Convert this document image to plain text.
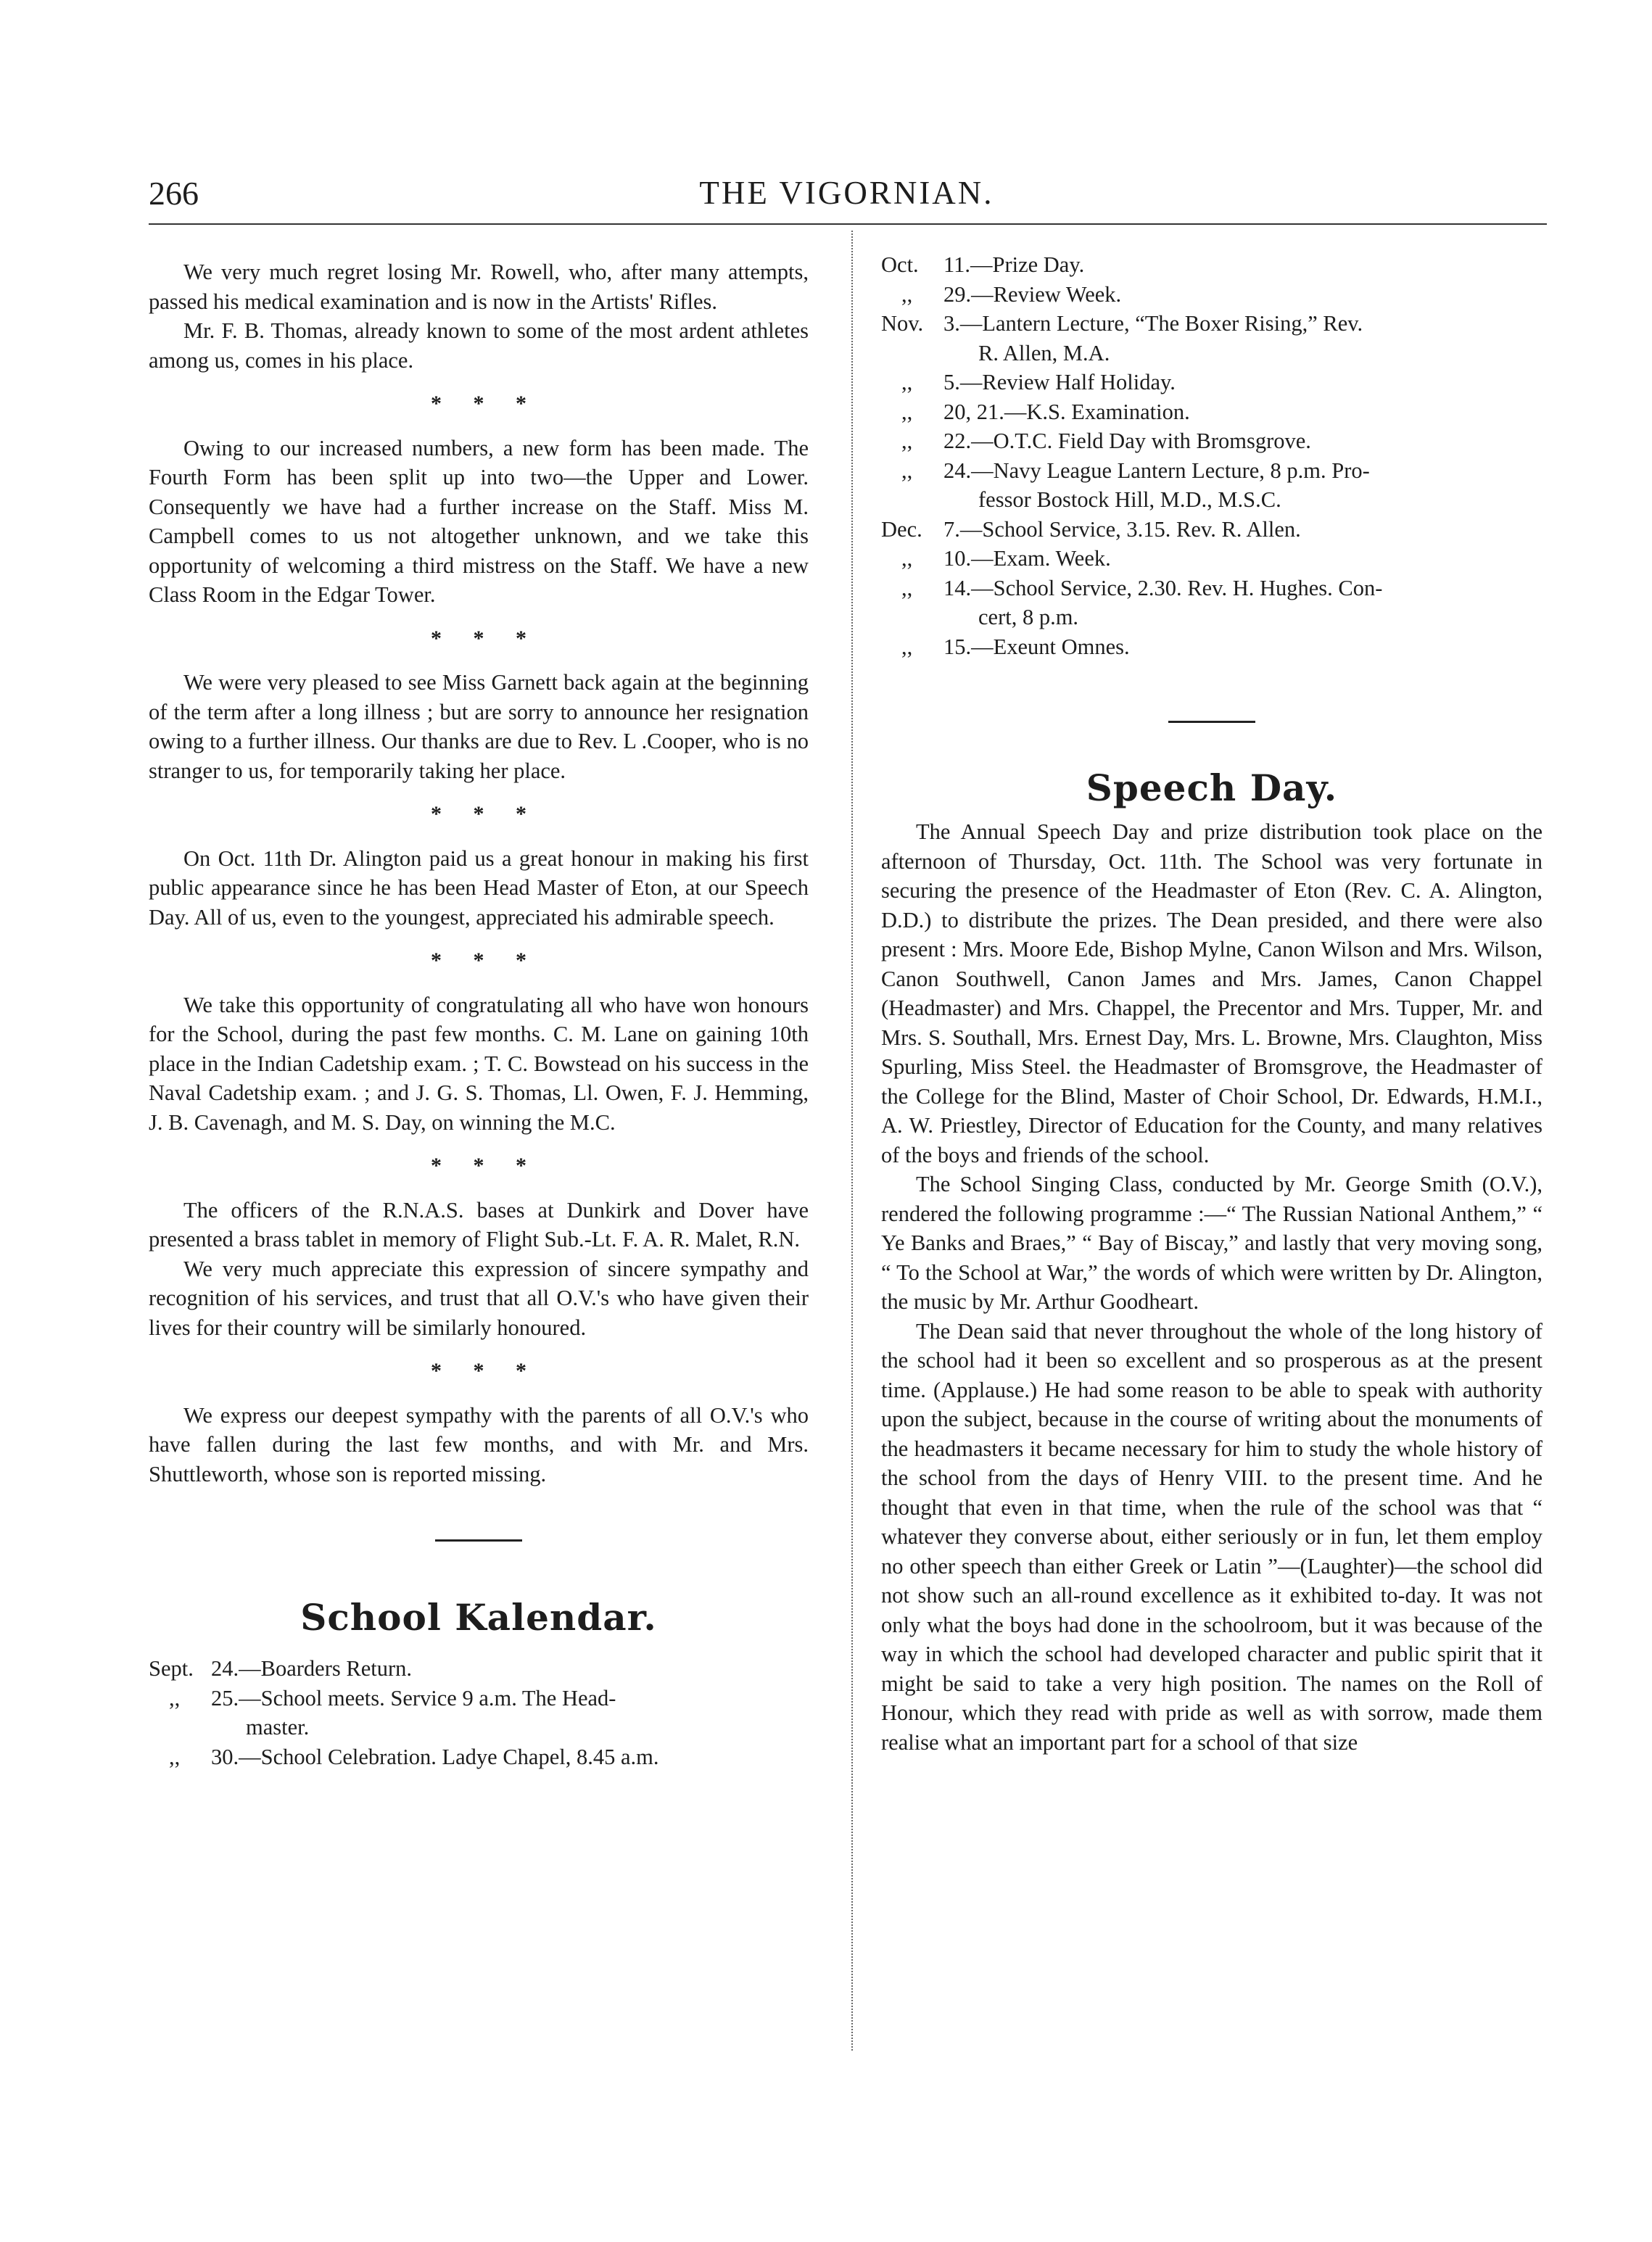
266	THE VIGORNIAN.

We very much regret losing Mr. Rowell, who, after many attempts, passed his medical examination and is now in the Artists' Rifles.

Mr. F. B. Thomas, already known to some of the most ardent athletes among us, comes in his place.

* * *

Owing to our increased numbers, a new form has been made. The Fourth Form has been split up into two—the Upper and Lower. Consequently we have had a further increase on the Staff. Miss M. Campbell comes to us not altogether unknown, and we take this opportunity of welcoming a third mistress on the Staff. We have a new Class Room in the Edgar Tower.

* * *

We were very pleased to see Miss Garnett back again at the beginning of the term after a long illness ; but are sorry to announce her resignation owing to a further illness. Our thanks are due to Rev. L .Cooper, who is no stranger to us, for temporarily taking her place.

* * *

On Oct. 11th Dr. Alington paid us a great honour in making his first public appearance since he has been Head Master of Eton, at our Speech Day. All of us, even to the youngest, appreciated his admirable speech.

* * *

We take this opportunity of congratulating all who have won honours for the School, during the past few months. C. M. Lane on gaining 10th place in the Indian Cadetship exam. ; T. C. Bowstead on his success in the Naval Cadetship exam. ; and J. G. S. Thomas, Ll. Owen, F. J. Hemming, J. B. Cavenagh, and M. S. Day, on winning the M.C.

* * *

The officers of the R.N.A.S. bases at Dunkirk and Dover have presented a brass tablet in memory of Flight Sub.-Lt. F. A. R. Malet, R.N.

We very much appreciate this expression of sincere sympathy and recognition of his services, and trust that all O.V.'s who have given their lives for their country will be similarly honoured.

* * *

We express our deepest sympathy with the parents of all O.V.'s who have fallen during the last few months, and with Mr. and Mrs. Shuttleworth, whose son is reported missing.

School Kalendar.
Sept. 24.—Boarders Return.
,,	25.—School meets. Service 9 a.m. The Head-
master.
,,	30.—School Celebration. Ladye Chapel, 8.45 a.m.
Oct.	11.—Prize Day.
,,	29.—Review Week.
Nov. 3.—Lantern Lecture, “The Boxer Rising,” Rev.
R. Allen, M.A.
,,	5.—Review Half Holiday.
,,	20, 21.—K.S. Examination.
,,	22.—O.T.C. Field Day with Bromsgrove.
,,	24.—Navy League Lantern Lecture, 8 p.m. Pro-
fessor Bostock Hill, M.D., M.S.C.
Dec. 7.—School Service, 3.15. Rev. R. Allen.
,,	10.—Exam. Week.
,,	14.—School Service, 2.30. Rev. H. Hughes. Con-
cert, 8 p.m.
,,	15.—Exeunt Omnes.
Speech Day.

The Annual Speech Day and prize distribution took place on the afternoon of Thursday, Oct. 11th. The School was very fortunate in securing the presence of the Headmaster of Eton (Rev. C. A. Alington, D.D.) to distribute the prizes. The Dean presided, and there were also present : Mrs. Moore Ede, Bishop Mylne, Canon Wilson and Mrs. Wilson, Canon Southwell, Canon James and Mrs. James, Canon Chappel (Headmaster) and Mrs. Chappel, the Precentor and Mrs. Tupper, Mr. and Mrs. S. Southall, Mrs. Ernest Day, Mrs. L. Browne, Mrs. Claughton, Miss Spurling, Miss Steel. the Headmaster of Bromsgrove, the Headmaster of the College for the Blind, Master of Choir School, Dr. Edwards, H.M.I., A. W. Priestley, Director of Education for the County, and many relatives of the boys and friends of the school.

The School Singing Class, conducted by Mr. George Smith (O.V.), rendered the following programme :—“ The Russian National Anthem,” “ Ye Banks and Braes,” “ Bay of Biscay,” and lastly that very moving song, “ To the School at War,” the words of which were written by Dr. Alington, the music by Mr. Arthur Goodheart.

The Dean said that never throughout the whole of the long history of the school had it been so excellent and so prosperous as at the present time. (Applause.) He had some reason to be able to speak with authority upon the subject, because in the course of writing about the monuments of the headmasters it became necessary for him to study the whole history of the school from the days of Henry VIII. to the present time. And he thought that even in that time, when the rule of the school was that “ whatever they converse about, either seriously or in fun, let them employ no other speech than either Greek or Latin ”—(Laughter)—the school did not show such an all-round excellence as it exhibited to-day. It was not only what the boys had done in the schoolroom, but it was because of the way in which the school had developed character and public spirit that it might be said to take a very high position. The names on the Roll of Honour, which they read with pride as well as with sorrow, made them realise what an important part for a school of that size
